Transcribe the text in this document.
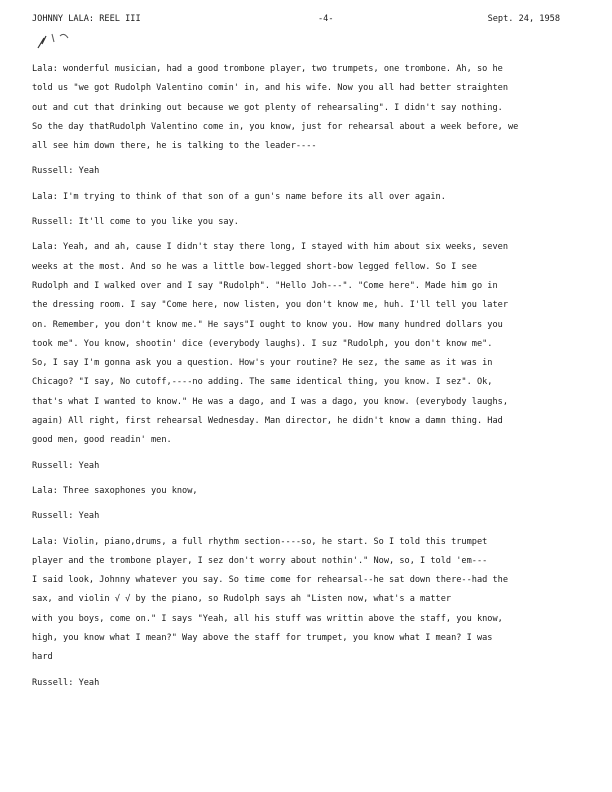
JOHNNY LALA: REEL III	-4-	Sept. 24, 1958
Lala: wonderful musician, had a good trombone player, two trumpets, one trombone. Ah, so he
told us "we got Rudolph Valentino comin' in, and his wife. Now you all had better straighten
out and cut that drinking out because we got plenty of rehearsaling". I didn't say nothing.
So the day thatRudolph Valentino come in, you know, just for rehearsal about a week before, we
all see him down there, he is talking to the leader----
Russell: Yeah
Lala: I'm trying to think of that son of a gun's name before its all over again.
Russell: It'll come to you like you say.
Lala: Yeah, and ah, cause I didn't stay there long, I stayed with him about six weeks, seven
weeks at the most. And so he was a little bow-legged short-bow legged fellow. So I see
Rudolph and I walked over and I say "Rudolph". "Hello Joh---". "Come here". Made him go in
the dressing room. I say "Come here, now listen, you don't know me, huh. I'll tell you later
on. Remember, you don't know me." He says"I ought to know you. How many hundred dollars you
took me". You know, shootin' dice (everybody laughs). I suz "Rudolph, you don't know me".
So, I say I'm gonna ask you a question. How's your routine? He sez, the same as it was in
Chicago? "I say, No cutoff,----no adding. The same identical thing, you know. I sez". Ok,
that's what I wanted to know." He was a dago, and I was a dago, you know. (everybody laughs,
again) All right, first rehearsal Wednesday. Man director, he didn't know a damn thing. Had
good men, good readin' men.
Russell: Yeah
Lala: Three saxophones you know,
Russell: Yeah
Lala: Violin, piano,drums, a full rhythm section----so, he start. So I told this trumpet
player and the trombone player, I sez don't worry about nothin'." Now, so, I told 'em---
I said look, Johnny whatever you say. So time come for rehearsal--he sat down there--had the
sax, and violin √ √ by the piano, so Rudolph says ah "Listen now, what's a matter
with you boys, come on." I says "Yeah, all his stuff was writtin above the staff, you know,
high, you know what I mean?" Way above the staff for trumpet, you know what I mean? I was
hard
Russell: Yeah
